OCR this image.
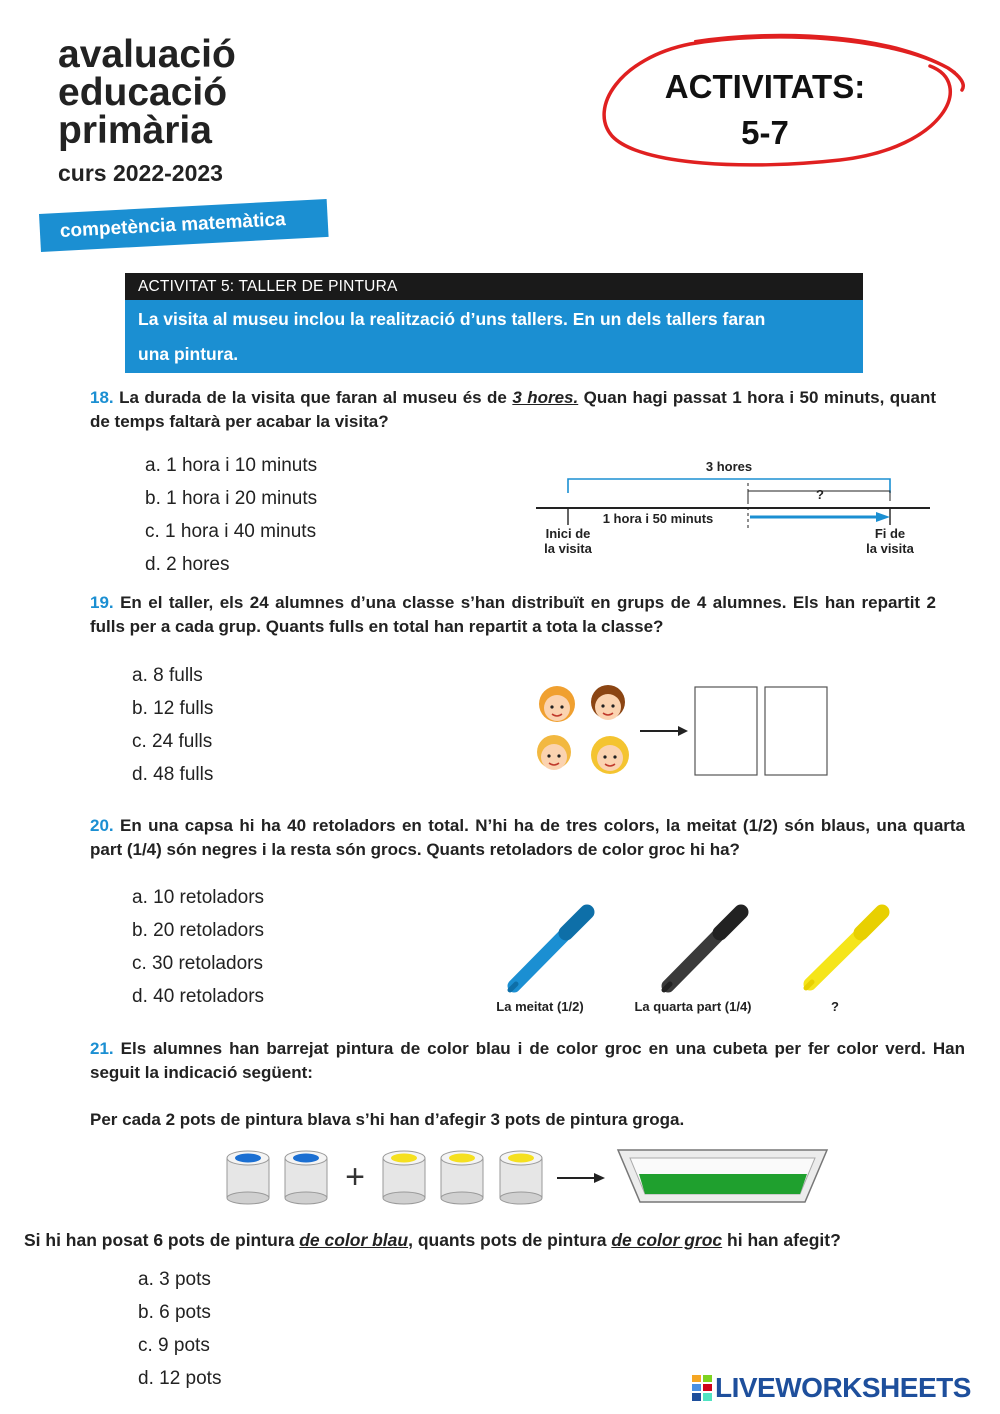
avaluació
educació
primària
curs 2022-2023
competència matemàtica
ACTIVITATS:
5-7
ACTIVITAT 5: TALLER DE PINTURA
La visita al museu inclou la realització d’uns tallers. En un dels tallers faran
una pintura.
18. La durada de la visita que faran al museu és de 3 hores. Quan hagi passat 1 hora i 50 minuts, quant de temps faltarà per acabar la visita?
a. 1 hora i 10 minuts
b. 1 hora i 20 minuts
c. 1 hora i 40 minuts
d. 2 hores
3 hores
?
1 hora i 50 minuts
Inici de
la visita
Fi de
la visita
19. En el taller, els 24 alumnes d’una classe s’han distribuït en grups de 4 alumnes. Els han repartit 2 fulls per a cada grup. Quants fulls en total han repartit a tota la classe?
a. 8 fulls
b. 12 fulls
c. 24 fulls
d. 48 fulls
20. En una capsa hi ha 40 retoladors en total. N’hi ha de tres colors, la meitat (1/2) són blaus, una quarta part (1/4) són negres i la resta són grocs. Quants retoladors de color groc hi ha?
a. 10 retoladors
b. 20 retoladors
c. 30 retoladors
d. 40 retoladors	La meitat (1/2)	La quarta part (1/4)	?
21. Els alumnes han barrejat pintura de color blau i de color groc en una cubeta per fer color verd. Han seguit la indicació següent:
Per cada 2 pots de pintura blava s’hi han d’afegir 3 pots de pintura groga.
+
Si hi han posat 6 pots de pintura de color blau, quants pots de pintura de color groc hi han afegit?
a. 3 pots
b. 6 pots
c. 9 pots
d. 12 pots	LIVEWORKSHEETS
